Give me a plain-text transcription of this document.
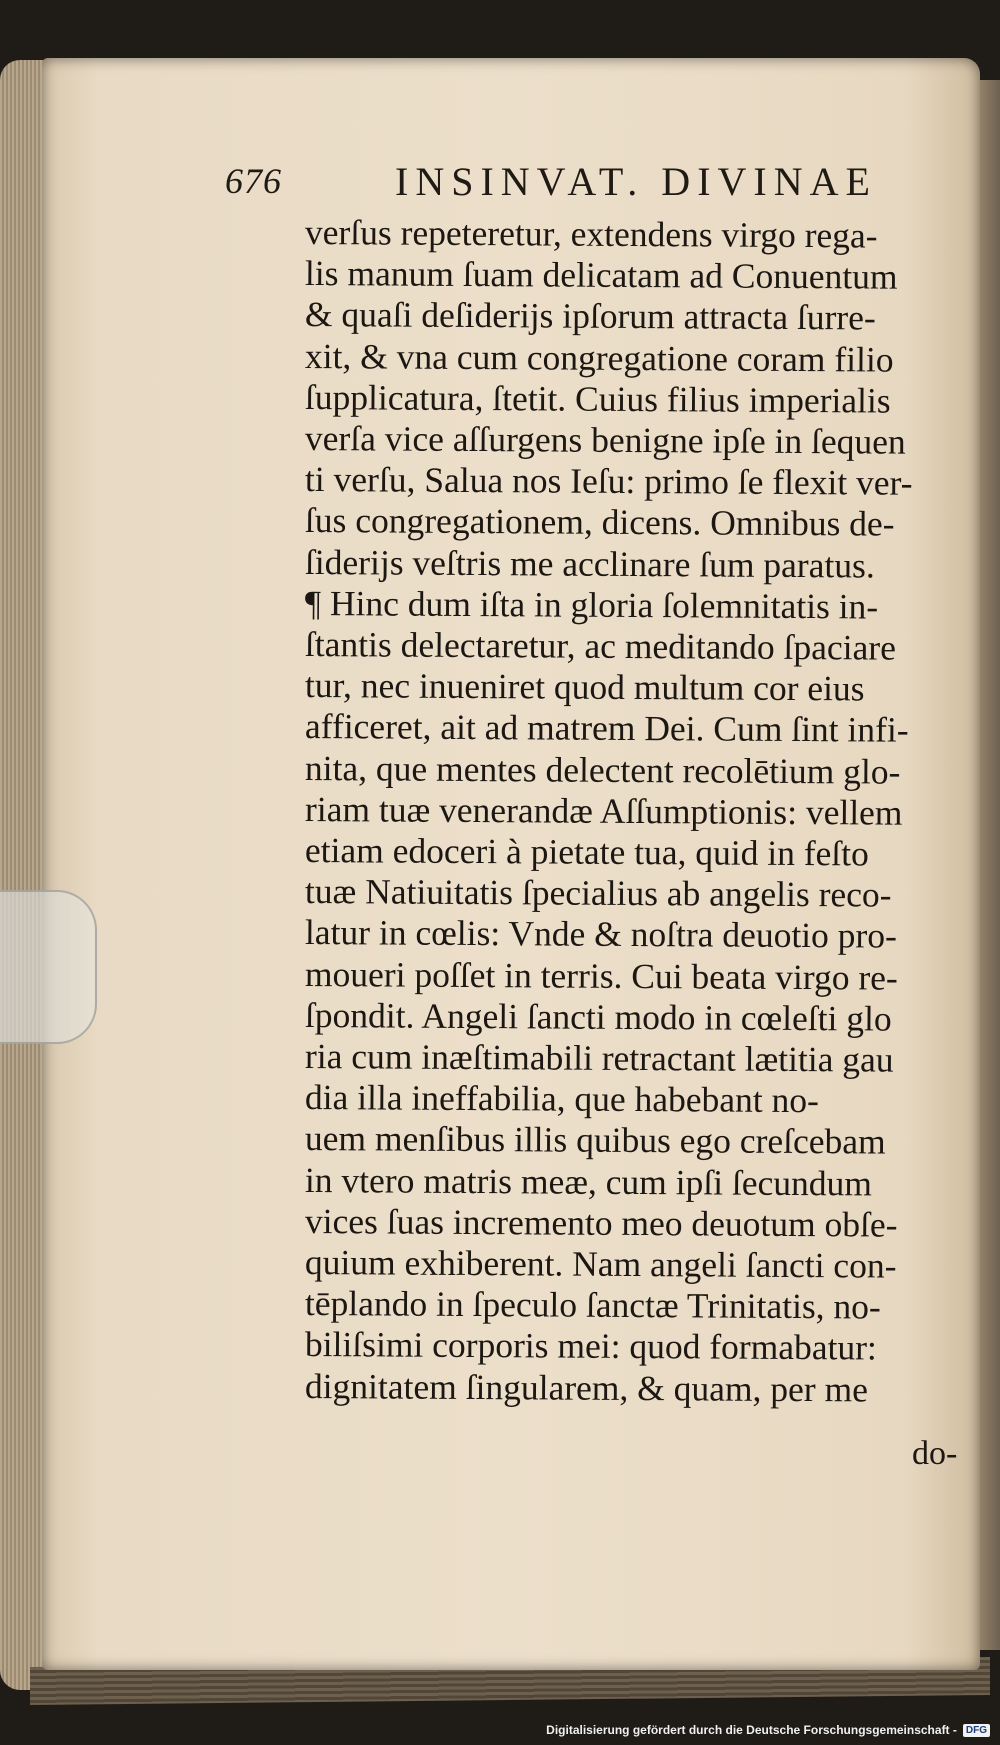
676	INSINVAT. DIVINAE
verſus repeteretur, extendens virgo rega-
lis manum ſuam delicatam ad Conuentum
& quaſi deſiderijs ipſorum attracta ſurre-
xit, & vna cum congregatione coram filio
ſupplicatura, ſtetit. Cuius filius imperialis
verſa vice aſſurgens benigne ipſe in ſequen
ti verſu, Salua nos Ieſu: primo ſe flexit ver-
ſus congregationem, dicens. Omnibus de-
ſiderijs veſtris me acclinare ſum paratus.
¶ Hinc dum iſta in gloria ſolemnitatis in-
ſtantis delectaretur, ac meditando ſpaciare
tur, nec inueniret quod multum cor eius
afficeret, ait ad matrem Dei. Cum ſint infi-
nita, que mentes delectent recolētium glo-
riam tuæ venerandæ Aſſumptionis: vellem
etiam edoceri à pietate tua, quid in feſto
tuæ Natiuitatis ſpecialius ab angelis reco-
latur in cœlis: Vnde & noſtra deuotio pro-
moueri poſſet in terris. Cui beata virgo re-
ſpondit. Angeli ſancti modo in cœleſti glo
ria cum inæſtimabili retractant lætitia gau
dia illa ineffabilia, que habebant no-
uem menſibus illis quibus ego creſcebam
in vtero matris meæ, cum ipſi ſecundum
vices ſuas incremento meo deuotum obſe-
quium exhiberent. Nam angeli ſancti con-
tēplando in ſpeculo ſanctæ Trinitatis, no-
biliſsimi corporis mei: quod formabatur:
dignitatem ſingularem, & quam, per me
do-
Digitalisierung gefördert durch die Deutsche Forschungsgemeinschaft - DFG
